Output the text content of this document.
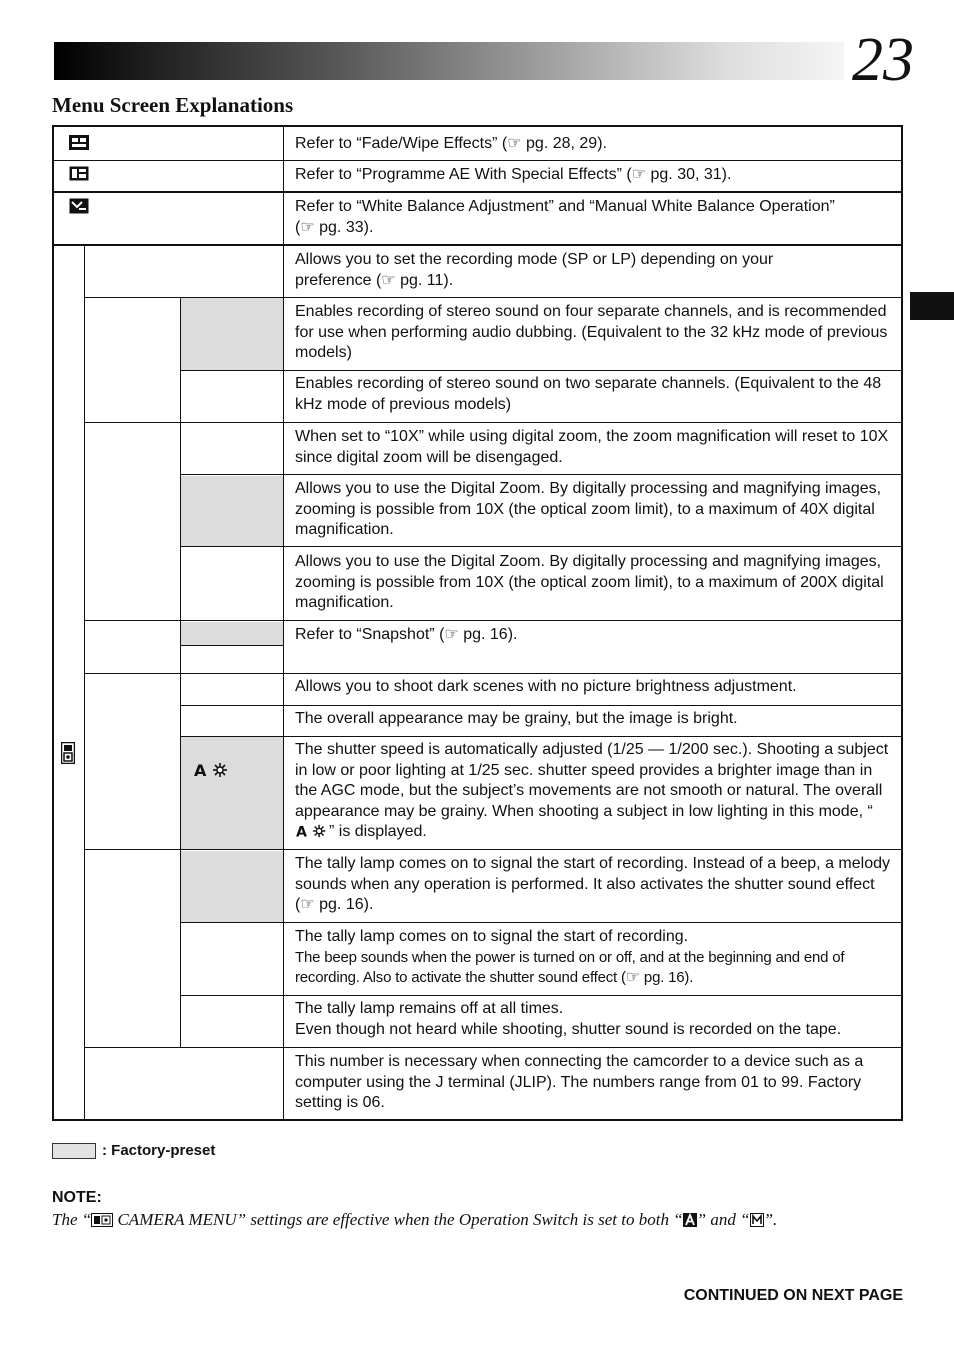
23
Menu Screen Explanations
A
Refer to “Fade/Wipe Effects” (☞ pg. 28, 29).
Refer to “Programme AE With Special Effects” (☞ pg. 30, 31).
Refer to “White Balance Adjustment” and “Manual White Balance Operation”
(☞ pg. 33).
Allows you to set the recording mode (SP or LP) depending on your
preference (☞ pg. 11).
Enables recording of stereo sound on four separate channels, and is recommended for use when performing audio dubbing. (Equivalent to the 32 kHz mode of previous models)
Enables recording of stereo sound on two separate channels. (Equivalent to the 48 kHz mode of previous models)
When set to “10X” while using digital zoom, the zoom magnification will reset to 10X since digital zoom will be disengaged.
Allows you to use the Digital Zoom. By digitally processing and magnifying images, zooming is possible from 10X (the optical zoom limit), to a maximum of 40X digital magnification.
Allows you to use the Digital Zoom. By digitally processing and magnifying images, zooming is possible from 10X (the optical zoom limit), to a maximum of 200X digital magnification.
Refer to “Snapshot” (☞ pg. 16).
Allows you to shoot dark scenes with no picture brightness adjustment.
The overall appearance may be grainy, but the image is bright.
The shutter speed is automatically adjusted (1/25 — 1/200 sec.). Shooting a subject in low or poor lighting at 1/25 sec. shutter speed provides a brighter image than in the AGC mode, but the subject’s movements are not smooth or natural. The overall appearance may be grainy. When shooting a subject in low lighting in this mode, “
A ” is displayed.
The tally lamp comes on to signal the start of recording. Instead of a beep, a melody sounds when any operation is performed. It also activates the shutter sound effect (☞ pg. 16).
The tally lamp comes on to signal the start of recording.
The beep sounds when the power is turned on or off, and at the beginning and end of recording. Also to activate the shutter sound effect (☞ pg. 16).
The tally lamp remains off at all times.
Even though not heard while shooting, shutter sound is recorded on the tape.
This number is necessary when connecting the camcorder to a device such as a computer using the J terminal (JLIP). The numbers range from 01 to 99. Factory setting is 06.
: Factory-preset
NOTE:
The “ CAMERA MENU” settings are effective when the Operation Switch is set to both “ ” and “ ”.
CONTINUED ON NEXT PAGE
